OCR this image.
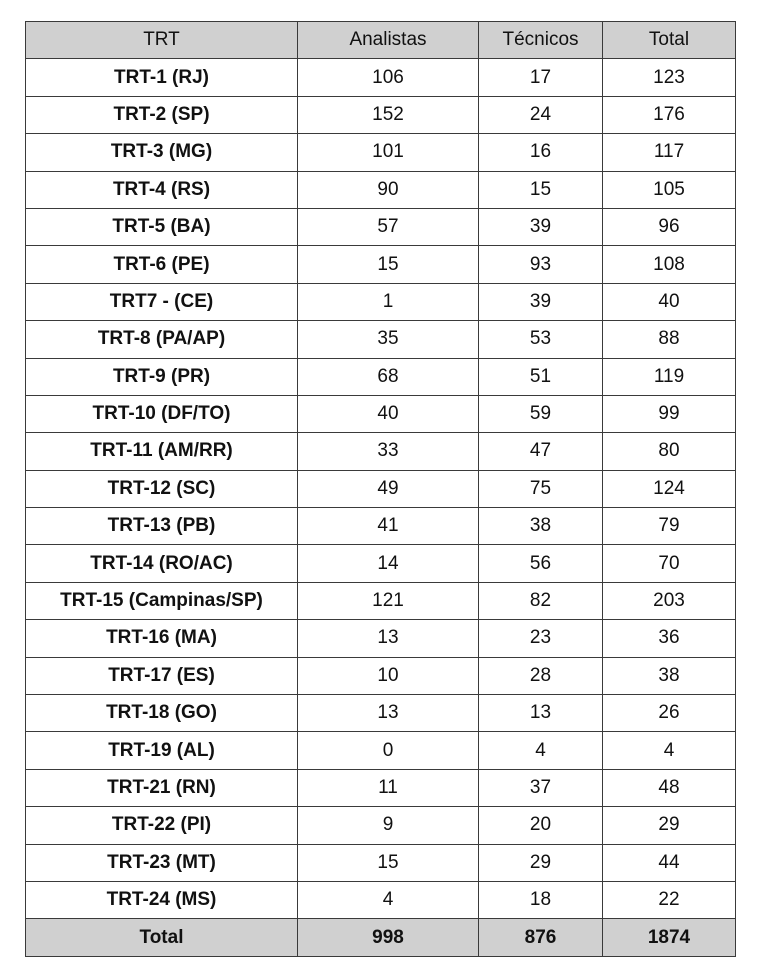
TRT	Analistas	Técnicos	Total
TRT-1 (RJ)	106	17	123
TRT-2 (SP)	152	24	176
TRT-3 (MG)	101	16	117
TRT-4 (RS)	90	15	105
TRT-5 (BA)	57	39	96
TRT-6 (PE)	15	93	108
TRT7 - (CE)	1	39	40
TRT-8 (PA/AP)	35	53	88
TRT-9 (PR)	68	51	119
TRT-10 (DF/TO)	40	59	99
TRT-11 (AM/RR)	33	47	80
TRT-12 (SC)	49	75	124
TRT-13 (PB)	41	38	79
TRT-14 (RO/AC)	14	56	70
TRT-15 (Campinas/SP)	121	82	203
TRT-16 (MA)	13	23	36
TRT-17 (ES)	10	28	38
TRT-18 (GO)	13	13	26
TRT-19 (AL)	0	4	4
TRT-21 (RN)	11	37	48
TRT-22 (PI)	9	20	29
TRT-23 (MT)	15	29	44
TRT-24 (MS)	4	18	22
Total	998	876	1874
